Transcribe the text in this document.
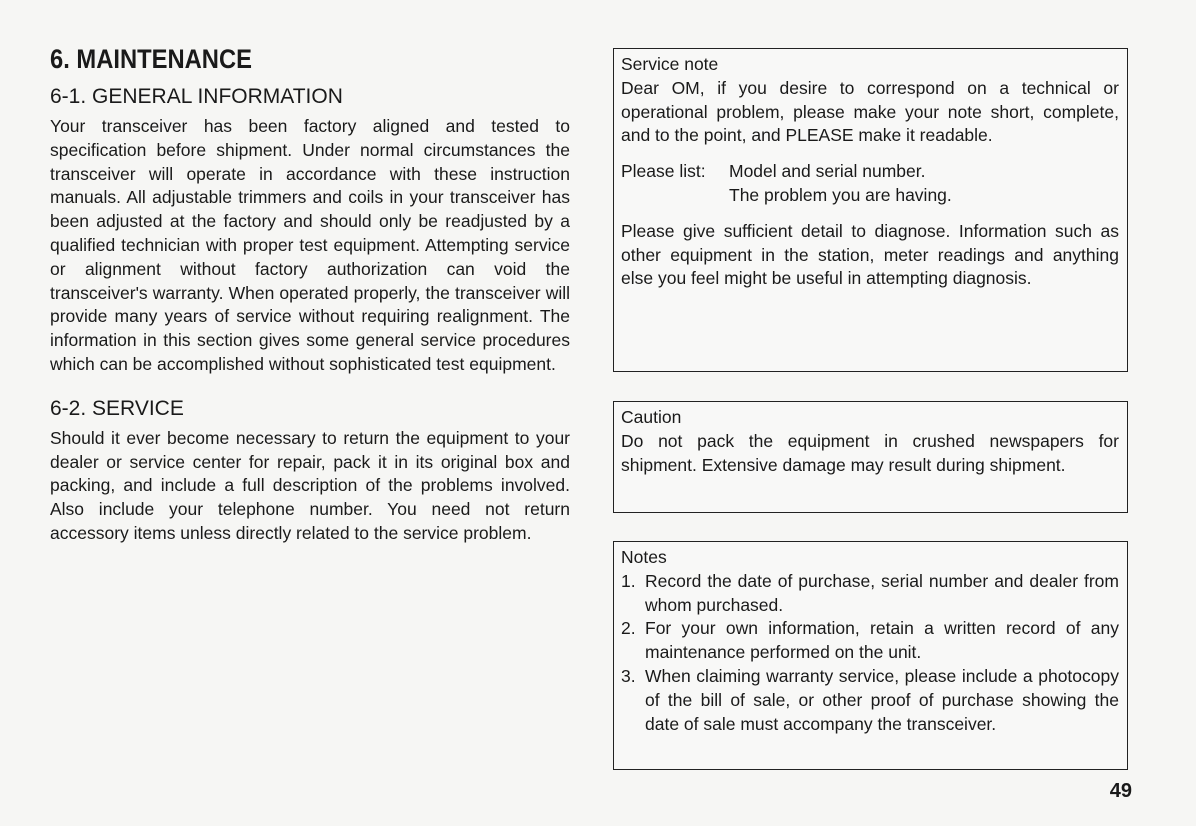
6. MAINTENANCE
6-1. GENERAL INFORMATION

Your transceiver has been factory aligned and tested to specification before shipment. Under normal circumstances the transceiver will operate in accordance with these instruction manuals. All adjustable trimmers and coils in your transceiver has been adjusted at the factory and should only be readjusted by a qualified technician with proper test equipment. Attempting service or alignment without factory authorization can void the transceiver's warranty. When operated properly, the transceiver will provide many years of service without requiring realignment. The information in this section gives some general service procedures which can be accomplished without sophisticated test equipment.

6-2. SERVICE

Should it ever become necessary to return the equipment to your dealer or service center for repair, pack it in its original box and packing, and include a full description of the problems involved. Also include your telephone number. You need not return accessory items unless directly related to the service problem.

Service note

Dear OM, if you desire to correspond on a technical or operational problem, please make your note short, complete, and to the point, and PLEASE make it readable.

Please list:	Model and serial number.
The problem you are having.

Please give sufficient detail to diagnose. Information such as other equipment in the station, meter readings and anything else you feel might be useful in attempting diagnosis.

Caution

Do not pack the equipment in crushed newspapers for shipment. Extensive damage may result during shipment.

Notes

1. Record the date of purchase, serial number and dealer from whom purchased.
2. For your own information, retain a written record of any maintenance performed on the unit.
3. When claiming warranty service, please include a photocopy of the bill of sale, or other proof of purchase showing the date of sale must accompany the transceiver.
49
